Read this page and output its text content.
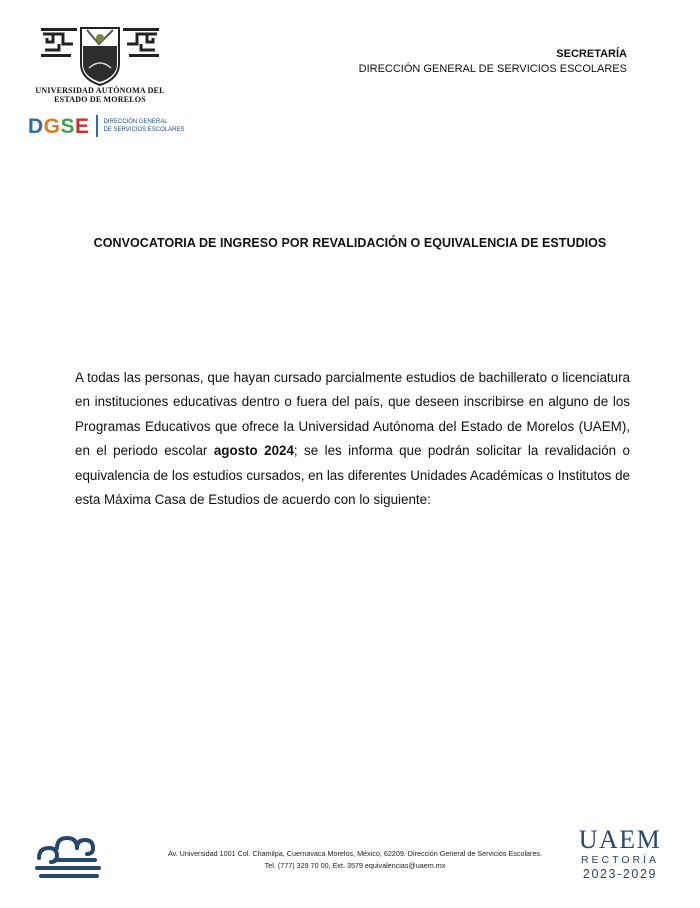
UNIVERSIDAD AUTÓNOMA DEL
ESTADO DE MORELOS
DGSE DIRECCIÓN GENERAL
DE SERVICIOS ESCOLARES
SECRETARÍA
DIRECCIÓN GENERAL DE SERVICIOS ESCOLARES
CONVOCATORIA DE INGRESO POR REVALIDACIÓN O EQUIVALENCIA DE ESTUDIOS
A todas las personas, que hayan cursado parcialmente estudios de bachillerato o licenciatura en instituciones educativas dentro o fuera del país, que deseen inscribirse en alguno de los Programas Educativos que ofrece la Universidad Autónoma del Estado de Morelos (UAEM), en el periodo escolar agosto 2024; se les informa que podrán solicitar la revalidación o equivalencia de los estudios cursados, en las diferentes Unidades Académicas o Institutos de esta Máxima Casa de Estudios de acuerdo con lo siguiente:
Av. Universidad 1001 Col. Chamilpa, Cuernavaca Morelos, México, 62209. Dirección General de Servicios Escolares.
Tel. (777) 329 70 00, Ext. 3579 equivalencias@uaem.mx
UAEM
RECTORÍA
2023-2029
